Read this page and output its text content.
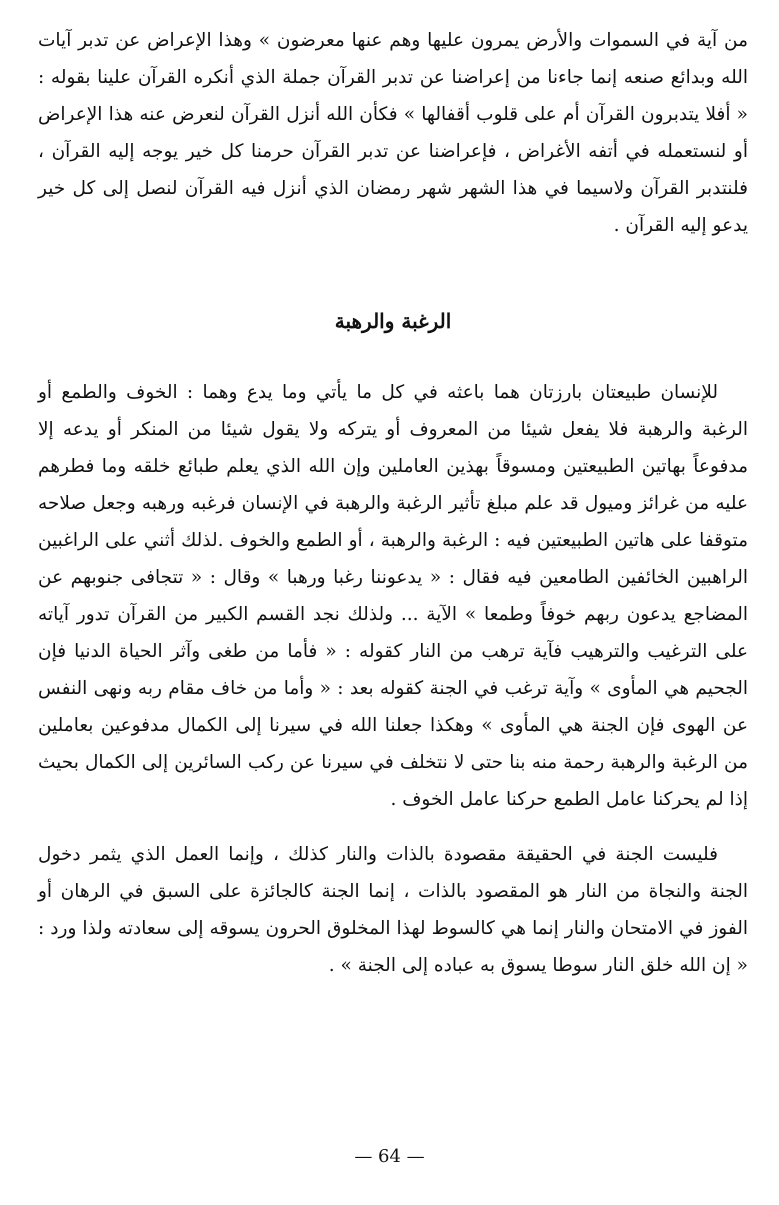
من آية في السموات والأرض يمرون عليها وهم عنها معرضون » وهذا الإعراض عن تدبر آيات الله وبدائع صنعه إنما جاءنا من إعراضنا عن تدبر القرآن جملة الذي أنكره القرآن علينا بقوله : « أفلا يتدبرون القرآن أم على قلوب أقفالها » فكأن الله أنزل القرآن لنعرض عنه هذا الإعراض أو لنستعمله في أتفه الأغراض ، فإعراضنا عن تدبر القرآن حرمنا كل خير يوجه إليه القرآن ، فلنتدبر القرآن ولاسيما في هذا الشهر شهر رمضان الذي أنزل فيه القرآن لنصل إلى كل خير يدعو إليه القرآن .

الرغبة والرهبة

للإنسان طبيعتان بارزتان هما باعثه في كل ما يأتي وما يدع وهما : الخوف والطمع أو الرغبة والرهبة فلا يفعل شيئا من المعروف أو يتركه ولا يقول شيئا من المنكر أو يدعه إلا مدفوعاً بهاتين الطبيعتين ومسوقاً بهذين العاملين وإن الله الذي يعلم طبائع خلقه وما فطرهم عليه من غرائز وميول قد علم مبلغ تأثير الرغبة والرهبة في الإنسان فرغبه ورهبه وجعل صلاحه متوقفا على هاتين الطبيعتين فيه : الرغبة والرهبة ، أو الطمع والخوف .لذلك أثني على الراغبين الراهبين الخائفين الطامعين فيه فقال : « يدعوننا رغبا ورهبا » وقال : « تتجافى جنوبهم عن المضاجع يدعون ربهم خوفاً وطمعا » الآية ... ولذلك نجد القسم الكبير من القرآن تدور آياته على الترغيب والترهيب فآية ترهب من النار كقوله : « فأما من طغى وآثر الحياة الدنيا فإن الجحيم هي المأوى » وآية ترغب في الجنة كقوله بعد : « وأما من خاف مقام ربه ونهى النفس عن الهوى فإن الجنة هي المأوى » وهكذا جعلنا الله في سيرنا إلى الكمال مدفوعين بعاملين من الرغبة والرهبة رحمة منه بنا حتى لا نتخلف في سيرنا عن ركب السائرين إلى الكمال بحيث إذا لم يحركنا عامل الطمع حركنا عامل الخوف .

فليست الجنة في الحقيقة مقصودة بالذات والنار كذلك ، وإنما العمل الذي يثمر دخول الجنة والنجاة من النار هو المقصود بالذات ، إنما الجنة كالجائزة على السبق في الرهان أو الفوز في الامتحان والنار إنما هي كالسوط لهذا المخلوق الحرون يسوقه إلى سعادته ولذا ورد : « إن الله خلق النار سوطا يسوق به عباده إلى الجنة » .

— 64 —
